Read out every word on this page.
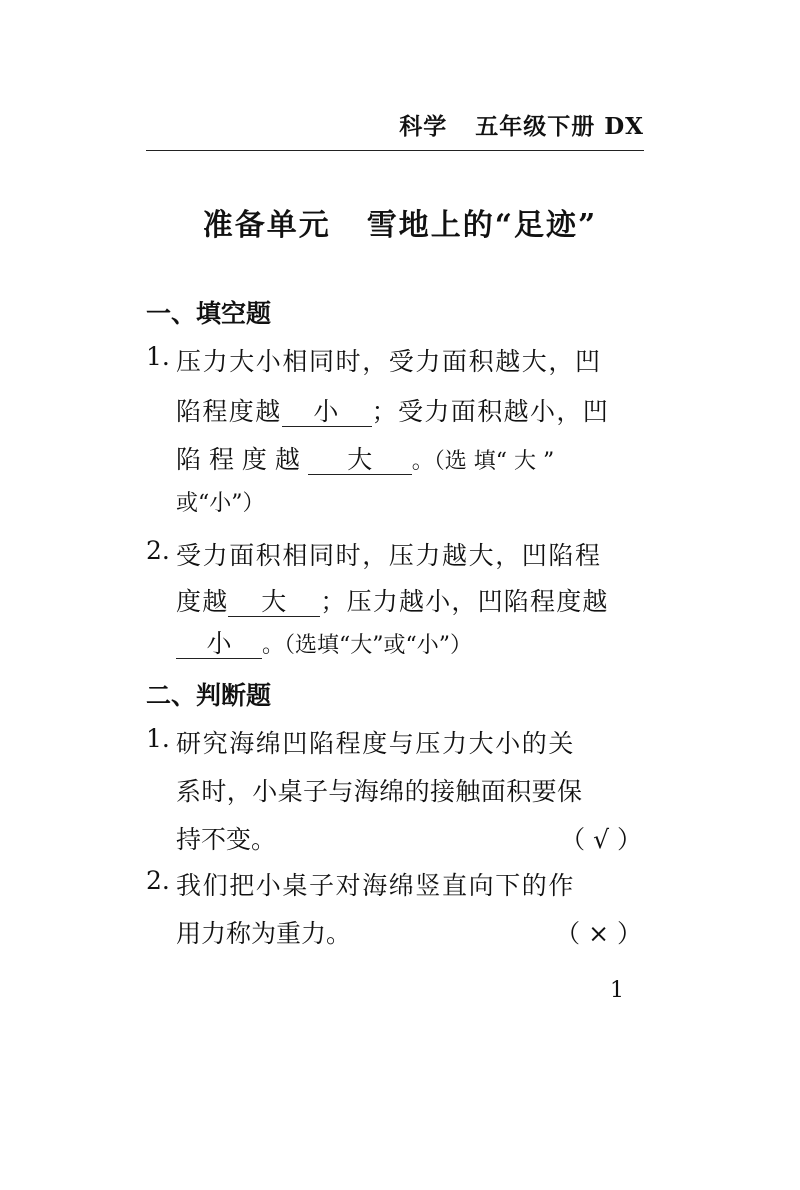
科学 五年级下册 DX
准备单元 雪地上的“足迹”
一、填空题
1. 压力大小相同时，受力面积越大，凹
陷程度越 小 ；受力面积越小，凹
陷 程 度 越 大 。（选 填“ 大 ”
或“小”）
2. 受力面积相同时，压力越大，凹陷程
度越 大 ；压力越小，凹陷程度越
小 。（选填“大”或“小”）
二、判断题
1. 研究海绵凹陷程度与压力大小的关
系时，小桌子与海绵的接触面积要保
持不变。	（ √ ）
2. 我们把小桌子对海绵竖直向下的作
用力称为重力。	（ × ）
1
